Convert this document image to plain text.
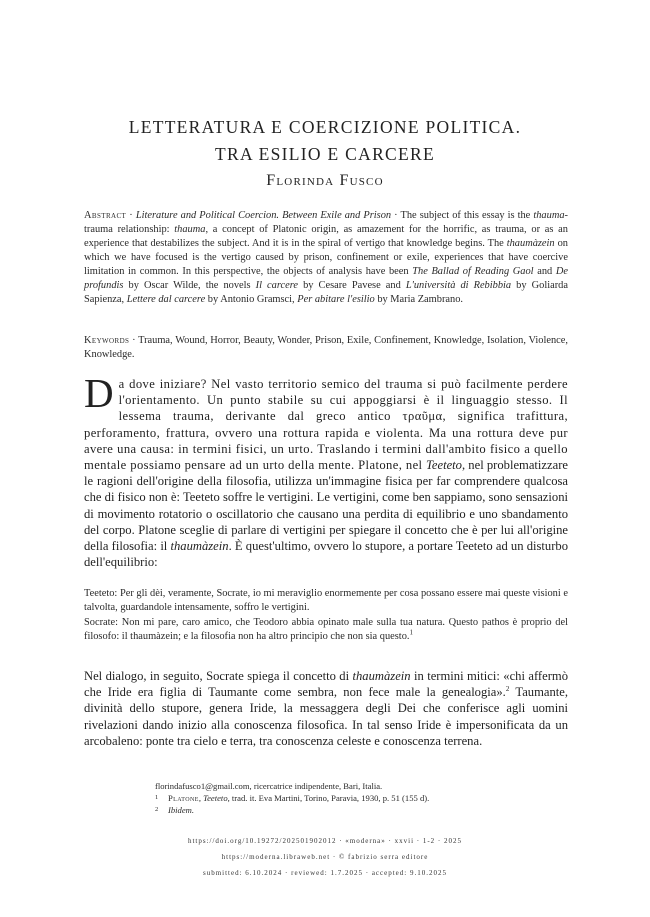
LETTERATURA E COERCIZIONE POLITICA.
TRA ESILIO E CARCERE
Florinda Fusco
Abstract · Literature and Political Coercion. Between Exile and Prison · The subject of this essay is the thauma-trauma relationship: thauma, a concept of Platonic origin, as amazement for the horrific, as trauma, or as an experience that destabilizes the subject. And it is in the spiral of vertigo that knowledge begins. The thaumàzein on which we have focused is the vertigo caused by prison, confinement or exile, experiences that have coercive limitation in common. In this perspective, the objects of analysis have been The Ballad of Reading Gaol and De profundis by Oscar Wilde, the novels Il carcere by Cesare Pavese and L'università di Rebibbia by Goliarda Sapienza, Lettere dal carcere by Antonio Gramsci, Per abitare l'esilio by Maria Zambrano.
Keywords · Trauma, Wound, Horror, Beauty, Wonder, Prison, Exile, Confinement, Knowledge, Isolation, Violence, Knowledge.
Da dove iniziare? Nel vasto territorio semico del trauma si può facilmente perdere l'orientamento. Un punto stabile su cui appoggiarsi è il linguaggio stesso. Il lessema trauma, derivante dal greco antico τραῦμα, significa trafittura, perforamento, frattura, ovvero una rottura rapida e violenta. Ma una rottura deve pur avere una causa: in termini fisici, un urto. Traslando i termini dall'ambito fisico a quello mentale possiamo pensare ad un urto della mente. Platone, nel Teeteto, nel problematizzare le ragioni dell'origine della filosofia, utilizza un'immagine fisica per far comprendere qualcosa che di fisico non è: Teeteto soffre le vertigini. Le vertigini, come ben sappiamo, sono sensazioni di movimento rotatorio o oscillatorio che causano una perdita di equilibrio e uno sbandamento del corpo. Platone sceglie di parlare di vertigini per spiegare il concetto che è per lui all'origine della filosofia: il thaumàzein. È quest'ultimo, ovvero lo stupore, a portare Teeteto ad un disturbo dell'equilibrio:
Teeteto: Per gli dèi, veramente, Socrate, io mi meraviglio enormemente per cosa possano essere mai queste visioni e talvolta, guardandole intensamente, soffro le vertigini.
Socrate: Non mi pare, caro amico, che Teodoro abbia opinato male sulla tua natura. Questo pathos è proprio del filosofo: il thaumàzein; e la filosofia non ha altro principio che non sia questo.$^1$
Nel dialogo, in seguito, Socrate spiega il concetto di thaumàzein in termini mitici: «chi affermò che Iride era figlia di Taumante come sembra, non fece male la genealogia».$^2$ Taumante, divinità dello stupore, genera Iride, la messaggera degli Dei che conferisce agli uomini rivelazioni dando inizio alla conoscenza filosofica. In tal senso Iride è impersonificata da un arcobaleno: ponte tra cielo e terra, tra conoscenza celeste e conoscenza terrena.
florindafusco1@gmail.com, ricercatrice indipendente, Bari, Italia.
1 Platone, Teeteto, trad. it. Eva Martini, Torino, Paravia, 1930, p. 51 (155 d).
2 Ibidem.
https://doi.org/10.19272/202501902012 · «moderna» · xxvii · 1-2 · 2025
https://moderna.libraweb.net · © fabrizio serra editore
submitted: 6.10.2024 · reviewed: 1.7.2025 · accepted: 9.10.2025
